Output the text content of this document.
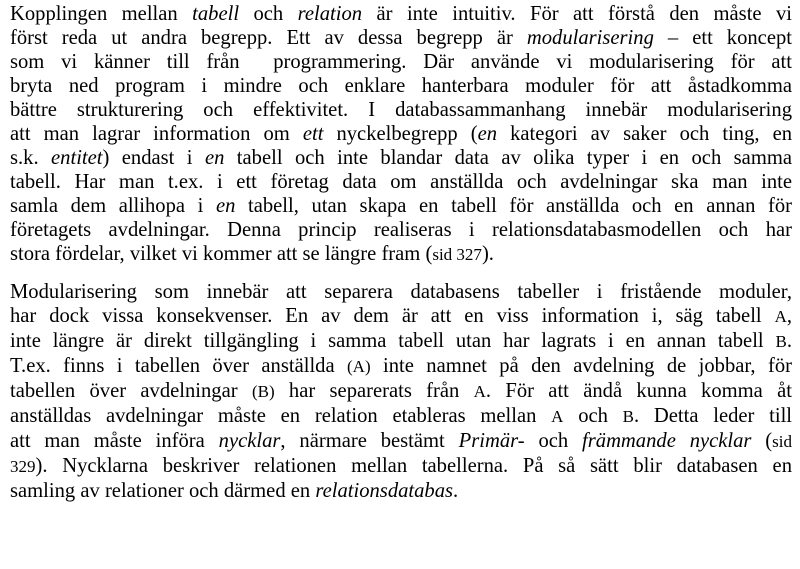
Kopplingen mellan tabell och relation är inte intuitiv. För att förstå den måste vi
först reda ut andra begrepp. Ett av dessa begrepp är modularisering – ett koncept
som vi känner till från  programmering. Där använde vi modularisering för att
bryta ned program i mindre och enklare hanterbara moduler för att åstadkomma
bättre strukturering och effektivitet. I databassammanhang innebär modularisering
att man lagrar information om ett nyckelbegrepp (en kategori av saker och ting, en
s.k. entitet) endast i en tabell och inte blandar data av olika typer i en och samma
tabell. Har man t.ex. i ett företag data om anställda och avdelningar ska man inte
samla dem allihopa i en tabell, utan skapa en tabell för anställda och en annan för
företagets avdelningar. Denna princip realiseras i relationsdatabasmodellen och har
stora fördelar, vilket vi kommer att se längre fram (sid 327).

Modularisering som innebär att separera databasens tabeller i fristående moduler,
har dock vissa konsekvenser. En av dem är att en viss information i, säg tabell A,
inte längre är direkt tillgängling i samma tabell utan har lagrats i en annan tabell B.
T.ex. finns i tabellen över anställda (A) inte namnet på den avdelning de jobbar, för
tabellen över avdelningar (B) har separerats från A. För att ändå kunna komma åt
anställdas avdelningar måste en relation etableras mellan A och B. Detta leder till
att man måste införa nycklar, närmare bestämt Primär- och främmande nycklar (sid
329). Nycklarna beskriver relationen mellan tabellerna. På så sätt blir databasen en
samling av relationer och därmed en relationsdatabas.
